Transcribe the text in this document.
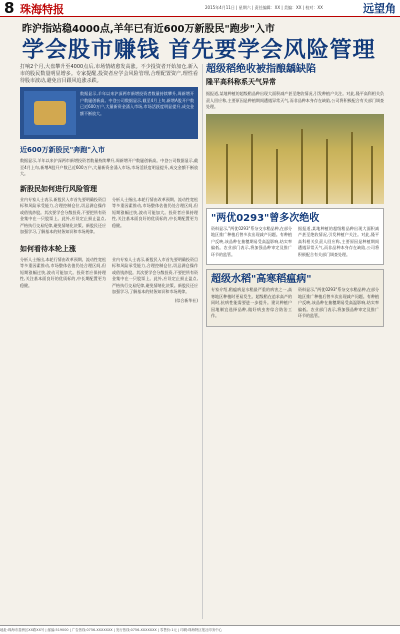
8 珠海特报	2015年4月11日 | 星期六 | 责任编辑：XX | 美编：XX | 校对：XX	远望角
昨沪指站稳4000点,羊年已有近600万新股民"跑步"入市
学会股市赚钱 首先要学会风险管理

打响2个月,大盘攀升至4000点后,市场情绪愈发高涨。不少投资者开始加仓,新入市的股民数量明显增多。专家提醒,投资者应学会风险管理,合理配置资产,理性看待股市波动,避免盲目跟风追涨杀跌。

数据显示,羊年以来沪深两市新增投资者数量持续攀升,周新增开户数屡创新高。中登公司数据显示,截至4月上旬,新增A股开户数已近600万户,大量新资金涌入市场,市场活跃度明显提升,成交金额不断放大。

近600万新股民"奔跑"入市

数据显示,羊年以来沪深两市新增投资者数量持续攀升,周新增开户数屡创新高。中登公司数据显示,截至4月上旬,新增A股开户数已近600万户,大量新资金涌入市场,市场活跃度明显提升,成交金额不断放大。

新股民如何进行风险管理

业内专家人士表示,新股民入市首先要明确投资目标和风险承受能力,合理控制仓位,切忌满仓操作或借钱炒股。其次要学会分散投资,不要把所有资金集中在一只股票上。此外,应设定止损止盈点,严格执行交易纪律,避免情绪化决策。新股民还应加强学习,了解基本的财务知识和市场规律。

分析人士指出,本轮行情由改革预期、流动性宽松等多重因素推动,市场整体估值仍处合理区间,但短期涨幅过快,波动可能加大。投资者应保持理性,关注基本面良好的优质标的,中长期配置更为稳健。

如何看待本轮上涨

分析人士指出,本轮行情由改革预期、流动性宽松等多重因素推动,市场整体估值仍处合理区间,但短期涨幅过快,波动可能加大。投资者应保持理性,关注基本面良好的优质标的,中长期配置更为稳健。

业内专家人士表示,新股民入市首先要明确投资目标和风险承受能力,合理控制仓位,切忌满仓操作或借钱炒股。其次要学会分散投资,不要把所有资金集中在一只股票上。此外,应设定止损止盈点,严格执行交易纪律,避免情绪化决策。新股民还应加强学习,了解基本的财务知识和市场规律。

(综合新华社)

超级稻绝收被指酿龋缺陷
隆平高科称系天气异常

据报道,某地种植的超级稻品种出现大面积减产甚至绝收情况,引发种植户关注。对此,隆平高科相关负责人回应称,主要原因是种植期间遭遇异常天气,而非品种本身存在缺陷,公司将积极配合有关部门调查处理。

"两优0293"曾多次绝收

资料显示,"两优0293"系杂交水稻品种,在部分地区推广种植后曾多次出现减产问题。有种植户反映,该品种在抽穗期易受高温影响,结实率偏低。农业部门表示,将加强品种审定及推广环节的监管。

据报道,某地种植的超级稻品种出现大面积减产甚至绝收情况,引发种植户关注。对此,隆平高科相关负责人回应称,主要原因是种植期间遭遇异常天气,而非品种本身存在缺陷,公司将积极配合有关部门调查处理。

超级水稻"高寒稻瘟病"

专家介绍,稻瘟病是水稻最严重的病害之一,高寒地区种植时更易发生。超级稻在追求高产的同时,抗病性能需要进一步提升。建议种植户因地制宜选择品种,做好病虫害综合防治工作。

资料显示,"两优0293"系杂交水稻品种,在部分地区推广种植后曾多次出现减产问题。有种植户反映,该品种在抽穗期易受高温影响,结实率偏低。农业部门表示,将加强品种审定及推广环节的监管。

地址:珠海市香洲区XX路XX号 | 邮编:519000 | 广告热线:0756-XXXXXXX | 发行热线:0756-XXXXXXX | 零售价:1元 | 印刷:珠海特区报社印务中心
